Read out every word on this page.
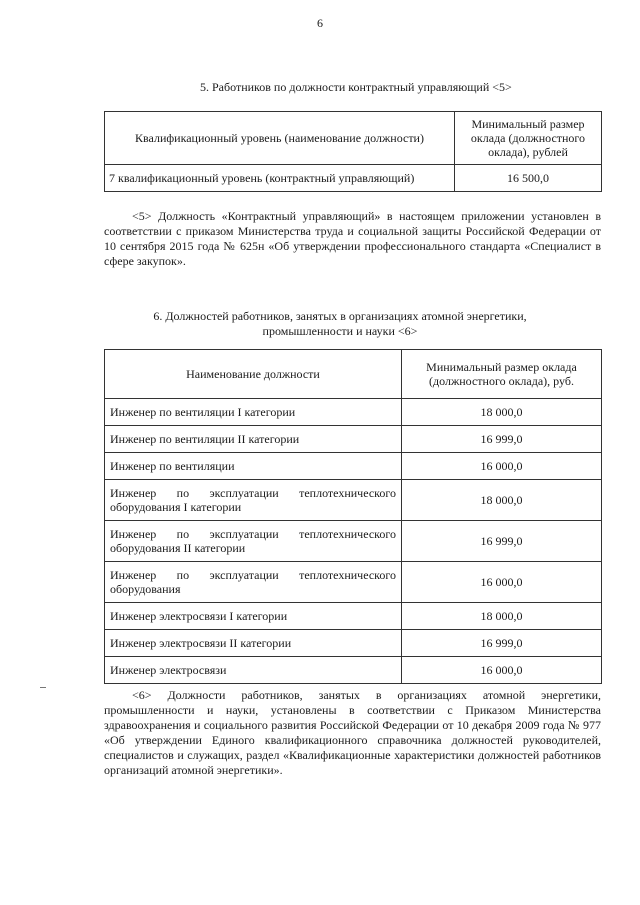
6
5. Работников по должности контрактный управляющий <5>
Квалификационный уровень (наименование должности)	Минимальный размер оклада (должностного оклада), рублей
7 квалификационный уровень (контрактный управляющий)	16 500,0
<5> Должность «Контрактный управляющий» в настоящем приложении установлен в соответствии с приказом Министерства труда и социальной защиты Российской Федерации от 10 сентября 2015 года № 625н «Об утверждении профессионального стандарта «Специалист в сфере закупок».
6. Должностей работников, занятых в организациях атомной энергетики,
промышленности и науки <6>
Наименование должности	Минимальный размер оклада (должностного оклада), руб.
Инженер по вентиляции I категории	18 000,0
Инженер по вентиляции II категории	16 999,0
Инженер по вентиляции	16 000,0
Инженер по эксплуатации теплотехнического оборудования I категории	18 000,0
Инженер по эксплуатации теплотехнического оборудования II категории	16 999,0
Инженер по эксплуатации теплотехнического оборудования	16 000,0
Инженер электросвязи I категории	18 000,0
Инженер электросвязи II категории	16 999,0
Инженер электросвязи	16 000,0
<6> Должности работников, занятых в организациях атомной энергетики, промышленности и науки, установлены в соответствии с Приказом Министерства здравоохранения и социального развития Российской Федерации от 10 декабря 2009 года № 977 «Об утверждении Единого квалификационного справочника должностей руководителей, специалистов и служащих, раздел «Квалификационные характеристики должностей работников организаций атомной энергетики».
